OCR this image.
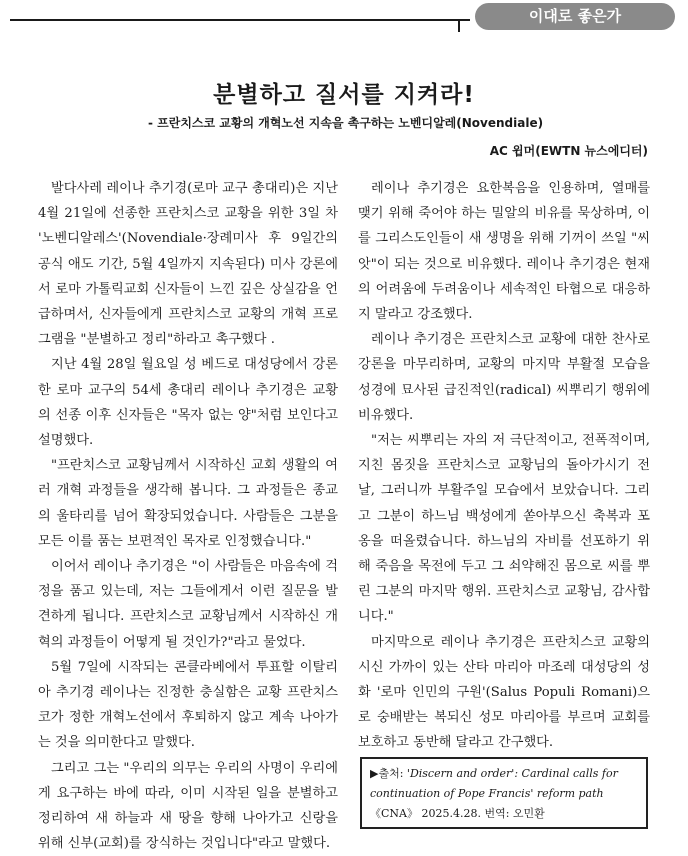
이대로 좋은가
분별하고 질서를 지켜라!
- 프란치스코 교황의 개혁노선 지속을 촉구하는 노벤디알레(Novendiale)
AC 윕머(EWTN 뉴스에디터)

발다사레 레이나 추기경(로마 교구 총대리)은 지난 4월 21일에 선종한 프란치스코 교황을 위한 3일 차 '노벤디알레스'(Novendiale·장례미사 후 9일간의 공식 애도 기간, 5월 4일까지 지속된다) 미사 강론에서 로마 가톨릭교회 신자들이 느낀 깊은 상실감을 언급하며서, 신자들에게 프란치스코 교황의 개혁 프로그램을 "분별하고 정리"하라고 촉구했다 .

지난 4월 28일 월요일 성 베드로 대성당에서 강론한 로마 교구의 54세 총대리 레이나 추기경은 교황의 선종 이후 신자들은 "목자 없는 양"처럼 보인다고 설명했다.

"프란치스코 교황님께서 시작하신 교회 생활의 여러 개혁 과정들을 생각해 봅니다. 그 과정들은 종교의 울타리를 넘어 확장되었습니다. 사람들은 그분을 모든 이를 품는 보편적인 목자로 인정했습니다."

이어서 레이나 추기경은 "이 사람들은 마음속에 걱정을 품고 있는데, 저는 그들에게서 이런 질문을 발견하게 됩니다. 프란치스코 교황님께서 시작하신 개혁의 과정들이 어떻게 될 것인가?"라고 물었다.

5월 7일에 시작되는 콘클라베에서 투표할 이탈리아 추기경 레이나는 진정한 충실함은 교황 프란치스코가 정한 개혁노선에서 후퇴하지 않고 계속 나아가는 것을 의미한다고 말했다.

그리고 그는 "우리의 의무는 우리의 사명이 우리에게 요구하는 바에 따라, 이미 시작된 일을 분별하고 정리하여 새 하늘과 새 땅을 향해 나아가고 신랑을 위해 신부(교회)를 장식하는 것입니다"라고 말했다.

레이나 추기경은 요한복음을 인용하며, 열매를 맺기 위해 죽어야 하는 밀알의 비유를 묵상하며, 이를 그리스도인들이 새 생명을 위해 기꺼이 쓰일 "씨앗"이 되는 것으로 비유했다. 레이나 추기경은 현재의 어려움에 두려움이나 세속적인 타협으로 대응하지 말라고 강조했다.

레이나 추기경은 프란치스코 교황에 대한 찬사로 강론을 마무리하며, 교황의 마지막 부활절 모습을 성경에 묘사된 급진적인(radical) 씨뿌리기 행위에 비유했다.

"저는 씨뿌리는 자의 저 극단적이고, 전폭적이며, 지친 몸짓을 프란치스코 교황님의 돌아가시기 전날, 그러니까 부활주일 모습에서 보았습니다. 그리고 그분이 하느님 백성에게 쏟아부으신 축복과 포옹을 떠올렸습니다. 하느님의 자비를 선포하기 위해 죽음을 목전에 두고 그 쇠약해진 몸으로 씨를 뿌린 그분의 마지막 행위. 프란치스코 교황님, 감사합니다."

마지막으로 레이나 추기경은 프란치스코 교황의 시신 가까이 있는 산타 마리아 마조레 대성당의 성화 '로마 인민의 구원'(Salus Populi Romani)으로 숭배받는 복되신 성모 마리아를 부르며 교회를 보호하고 동반해 달라고 간구했다.

▶출처: 'Discern and order': Cardinal calls for continuation of Pope Francis' reform path《CNA》 2025.4.28. 번역: 오민환
